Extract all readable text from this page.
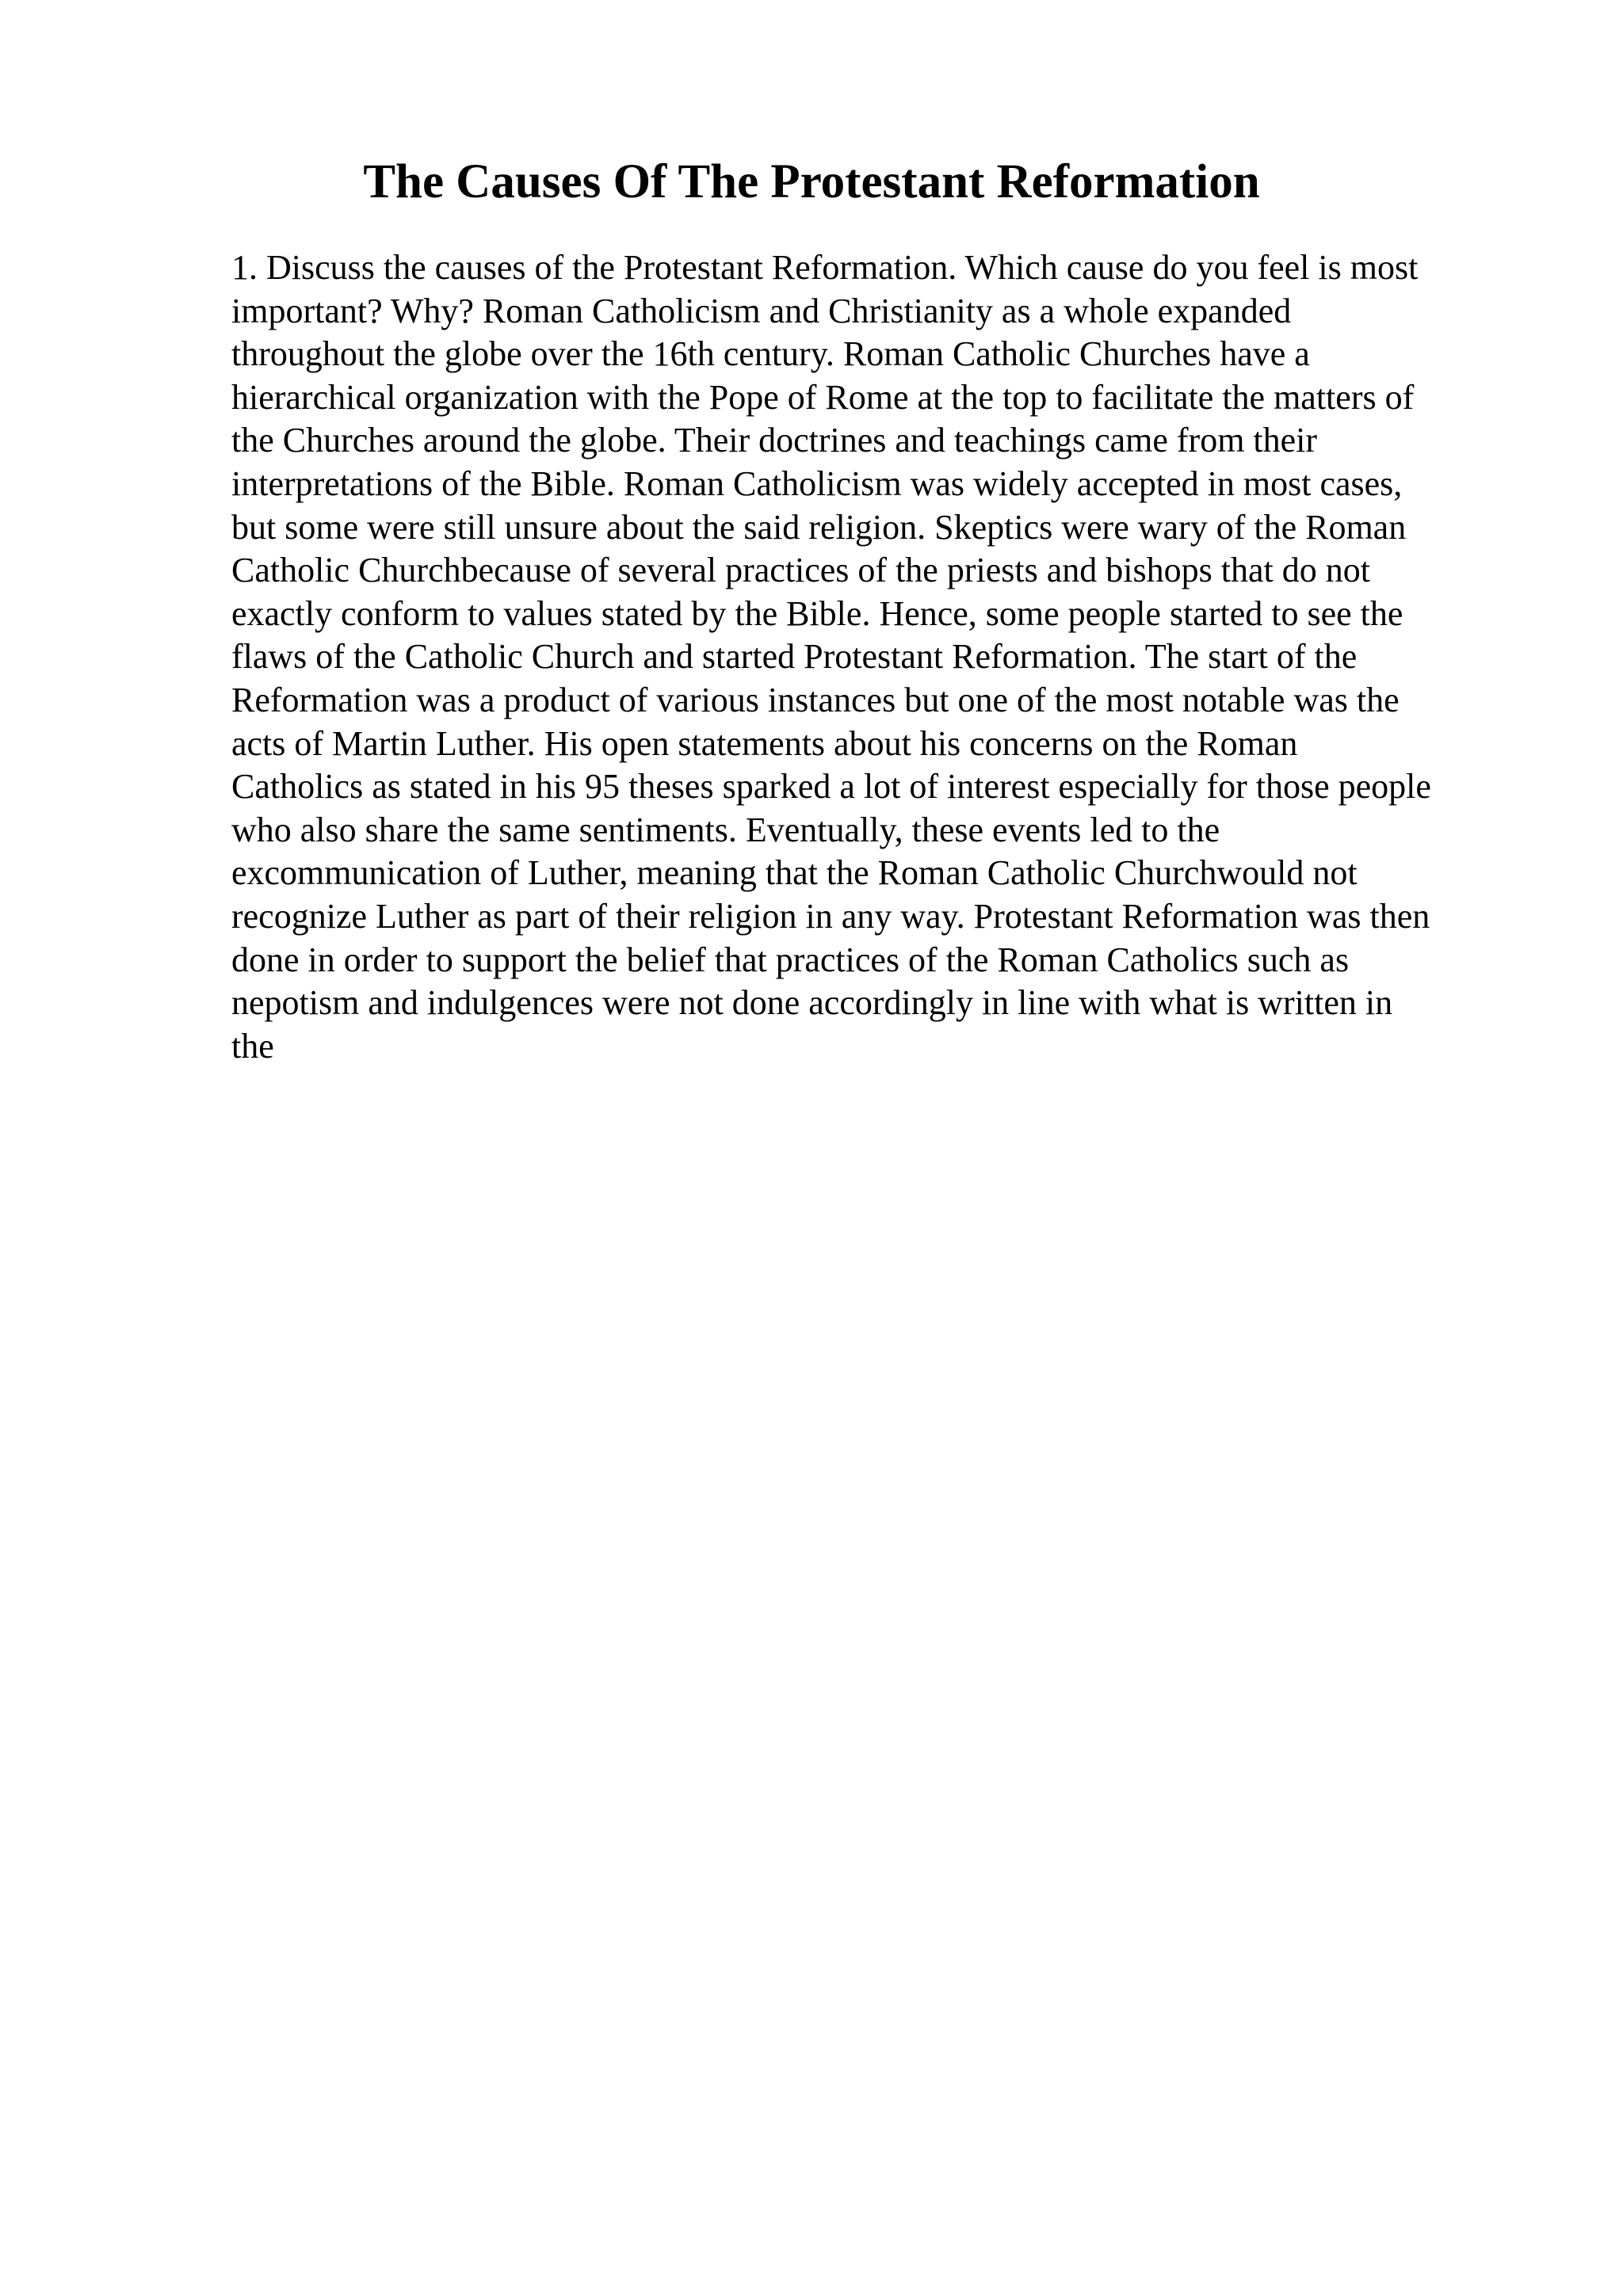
The Causes Of The Protestant Reformation
1. Discuss the causes of the Protestant Reformation. Which cause do you feel is most
important? Why? Roman Catholicism and Christianity as a whole expanded
throughout the globe over the 16th century. Roman Catholic Churches have a
hierarchical organization with the Pope of Rome at the top to facilitate the matters of
the Churches around the globe. Their doctrines and teachings came from their
interpretations of the Bible. Roman Catholicism was widely accepted in most cases,
but some were still unsure about the said religion. Skeptics were wary of the Roman
Catholic Churchbecause of several practices of the priests and bishops that do not
exactly conform to values stated by the Bible. Hence, some people started to see the
flaws of the Catholic Church and started Protestant Reformation. The start of the
Reformation was a product of various instances but one of the most notable was the
acts of Martin Luther. His open statements about his concerns on the Roman
Catholics as stated in his 95 theses sparked a lot of interest especially for those people
who also share the same sentiments. Eventually, these events led to the
excommunication of Luther, meaning that the Roman Catholic Churchwould not
recognize Luther as part of their religion in any way. Protestant Reformation was then
done in order to support the belief that practices of the Roman Catholics such as
nepotism and indulgences were not done accordingly in line with what is written in
the
